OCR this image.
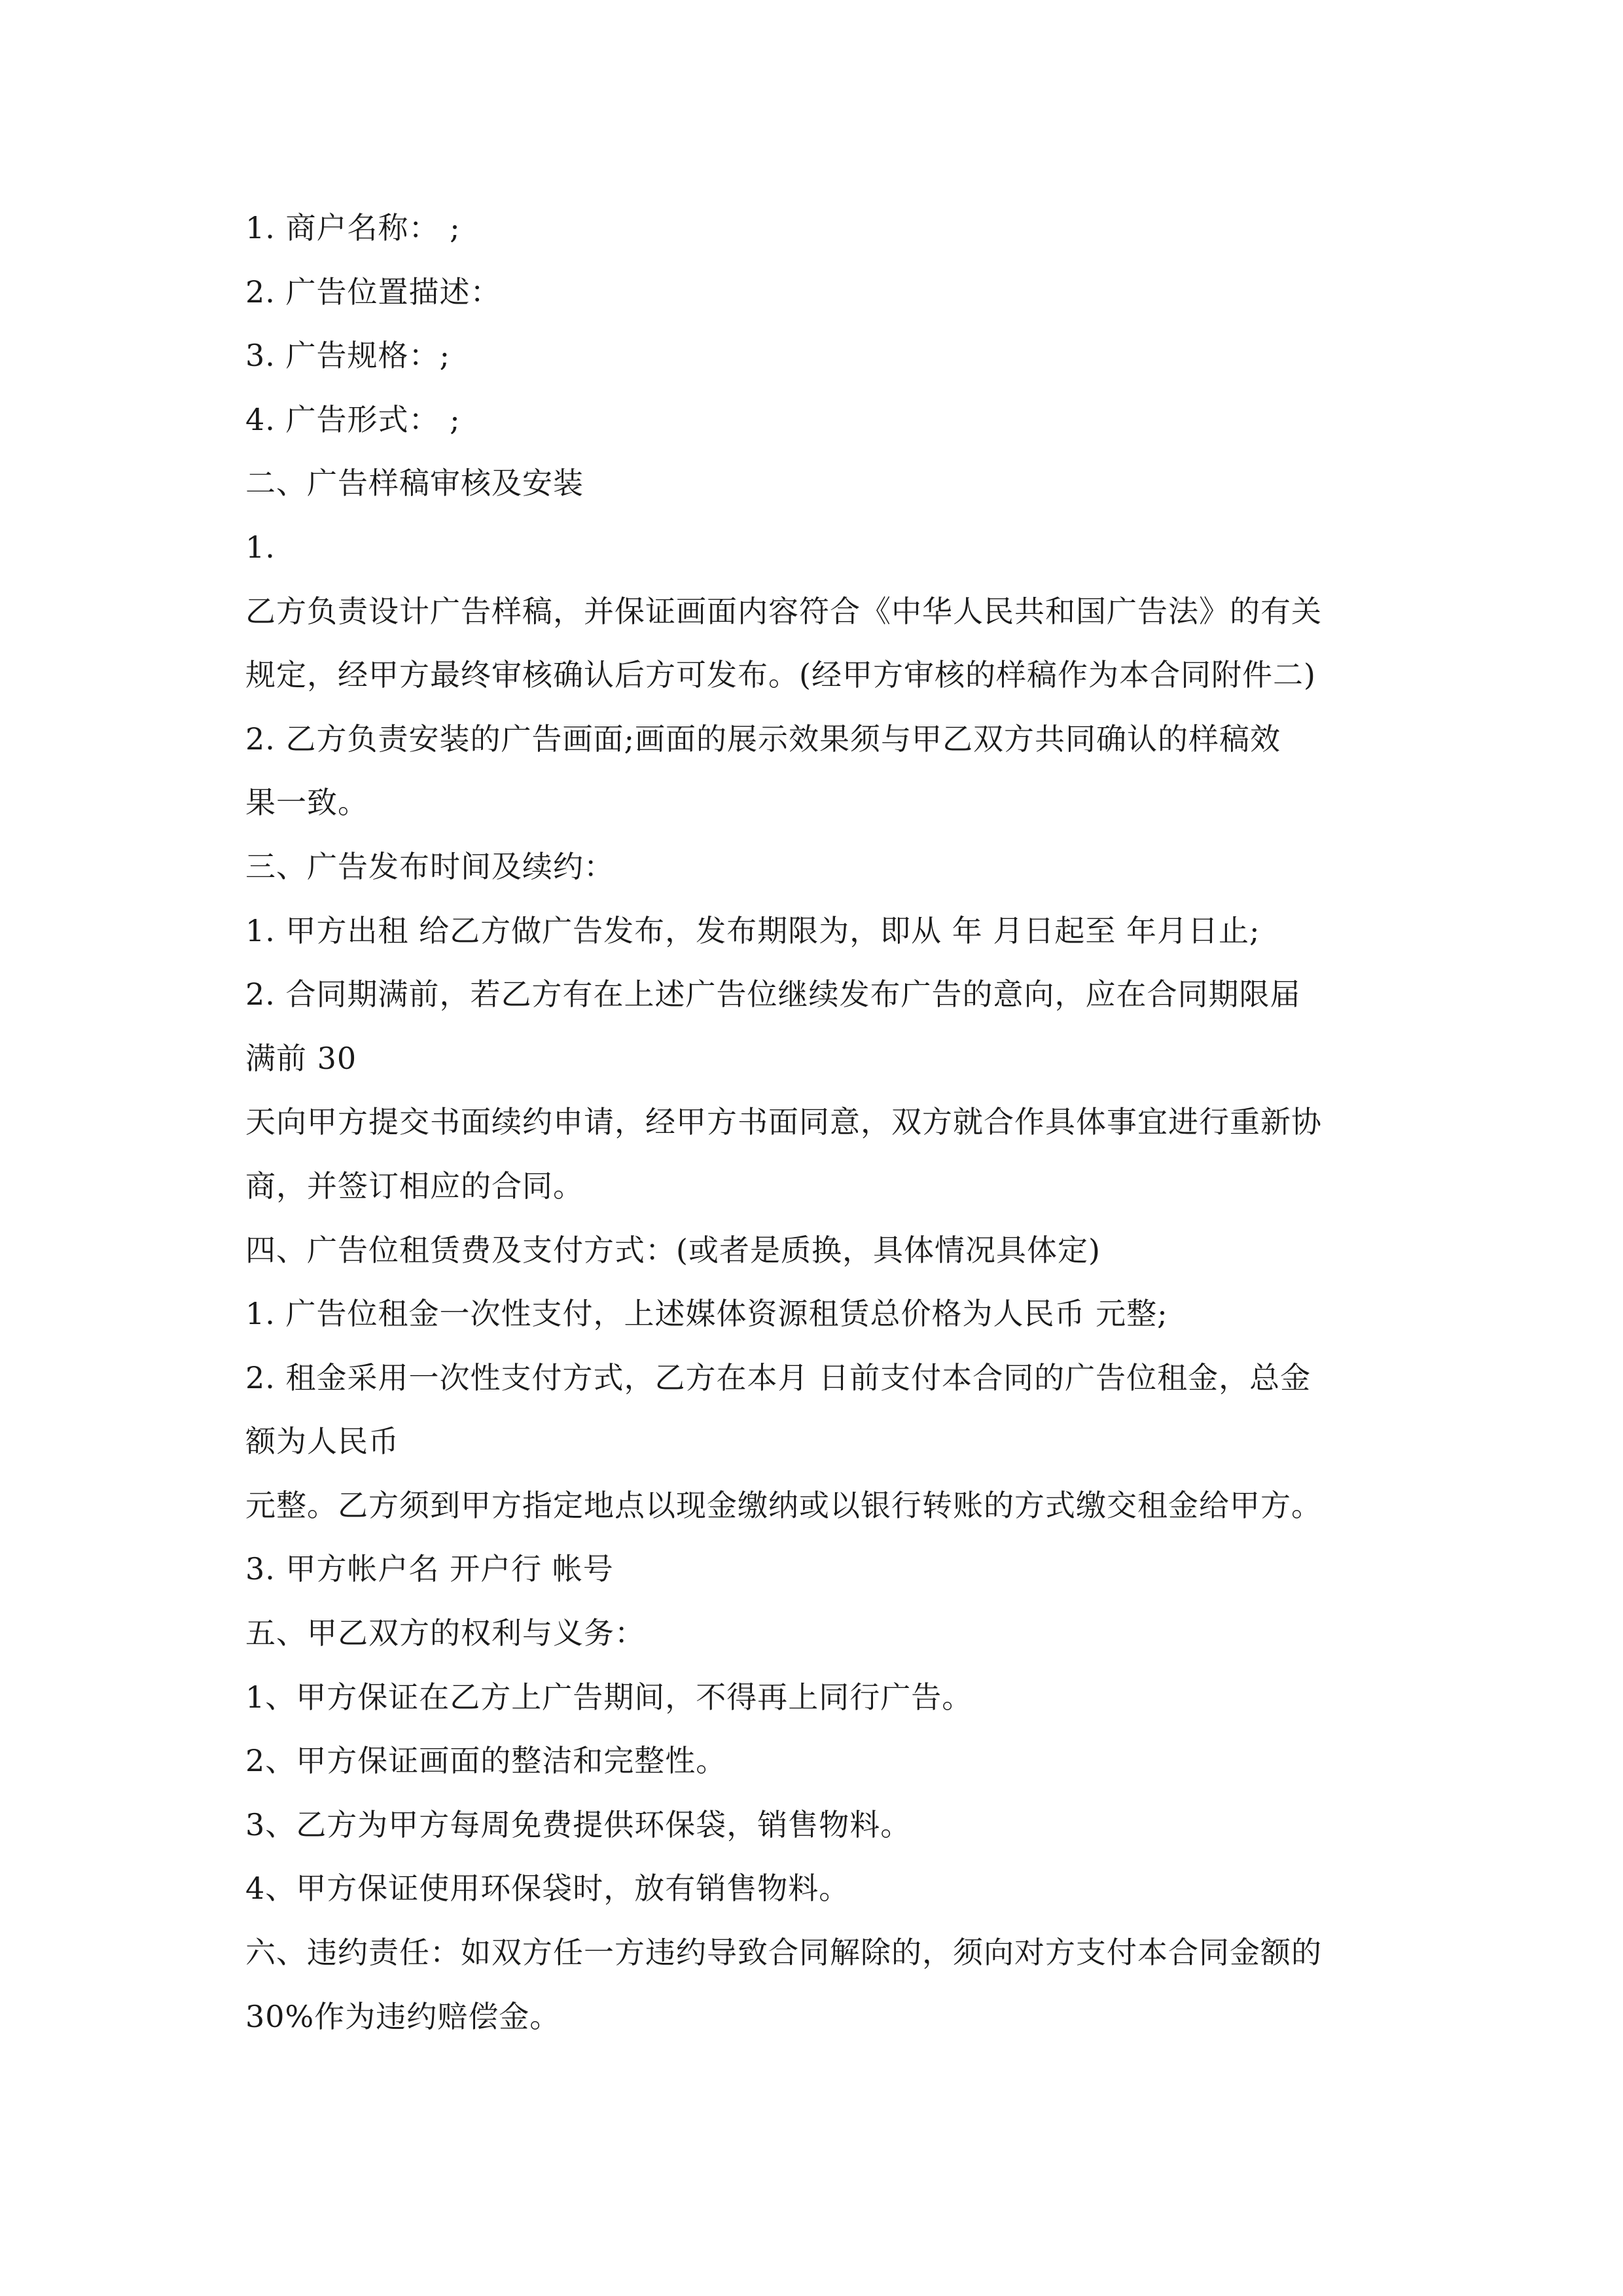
1. 商户名称： ;
2. 广告位置描述：
3. 广告规格：;
4. 广告形式： ;
二、广告样稿审核及安装
1.
乙方负责设计广告样稿，并保证画面内容符合《中华人民共和国广告法》的有关
规定，经甲方最终审核确认后方可发布。(经甲方审核的样稿作为本合同附件二)
2. 乙方负责安装的广告画面;画面的展示效果须与甲乙双方共同确认的样稿效
果一致。
三、广告发布时间及续约：
1. 甲方出租 给乙方做广告发布，发布期限为，即从 年 月日起至 年月日止;
2. 合同期满前，若乙方有在上述广告位继续发布广告的意向，应在合同期限届
满前 30
天向甲方提交书面续约申请，经甲方书面同意，双方就合作具体事宜进行重新协
商，并签订相应的合同。
四、广告位租赁费及支付方式：(或者是质换，具体情况具体定)
1. 广告位租金一次性支付，上述媒体资源租赁总价格为人民币 元整;
2. 租金采用一次性支付方式，乙方在本月 日前支付本合同的广告位租金，总金
额为人民币
元整。乙方须到甲方指定地点以现金缴纳或以银行转账的方式缴交租金给甲方。
3. 甲方帐户名 开户行 帐号
五、甲乙双方的权利与义务：
1、甲方保证在乙方上广告期间，不得再上同行广告。
2、甲方保证画面的整洁和完整性。
3、乙方为甲方每周免费提供环保袋，销售物料。
4、甲方保证使用环保袋时，放有销售物料。
六、违约责任：如双方任一方违约导致合同解除的，须向对方支付本合同金额的
30%作为违约赔偿金。
